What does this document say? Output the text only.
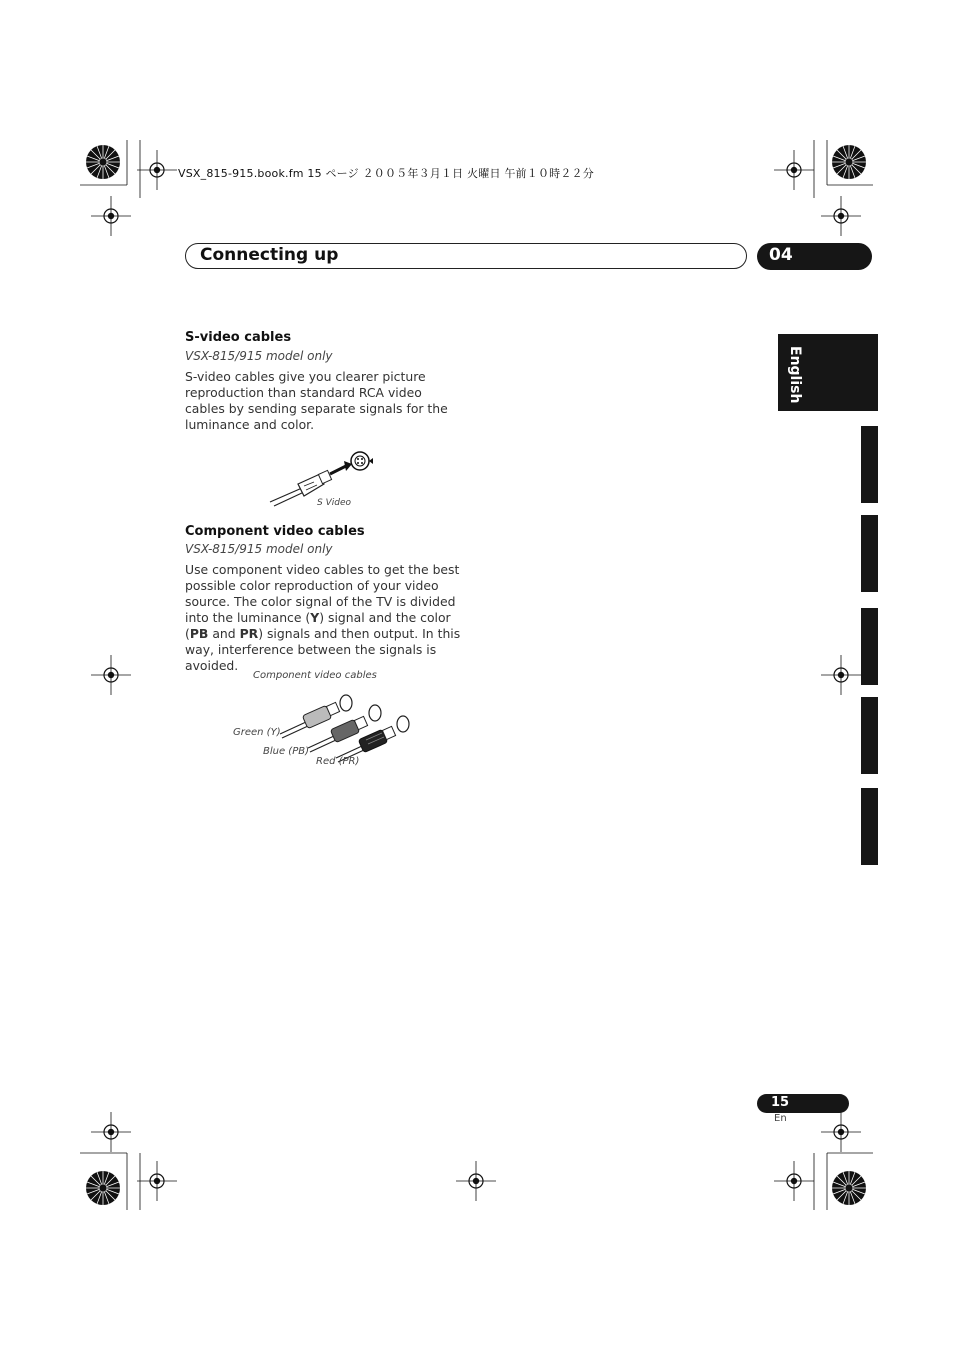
VSX_815-915.book.fm 15 ページ ２００５年３月１日 火曜日 午前１０時２２分
Connecting up	04
English
S-video cables
VSX-815/915 model only
S-video cables give you clearer picture reproduction than standard RCA video cables by sending separate signals for the luminance and color.
S Video
Component video cables
VSX-815/915 model only
Use component video cables to get the best possible color reproduction of your video source. The color signal of the TV is divided into the luminance (Y) signal and the color (PB and PR) signals and then output. In this way, interference between the signals is avoided.
Component video cables
Green (Y)
Blue (PB)
Red (PR)
15
En
